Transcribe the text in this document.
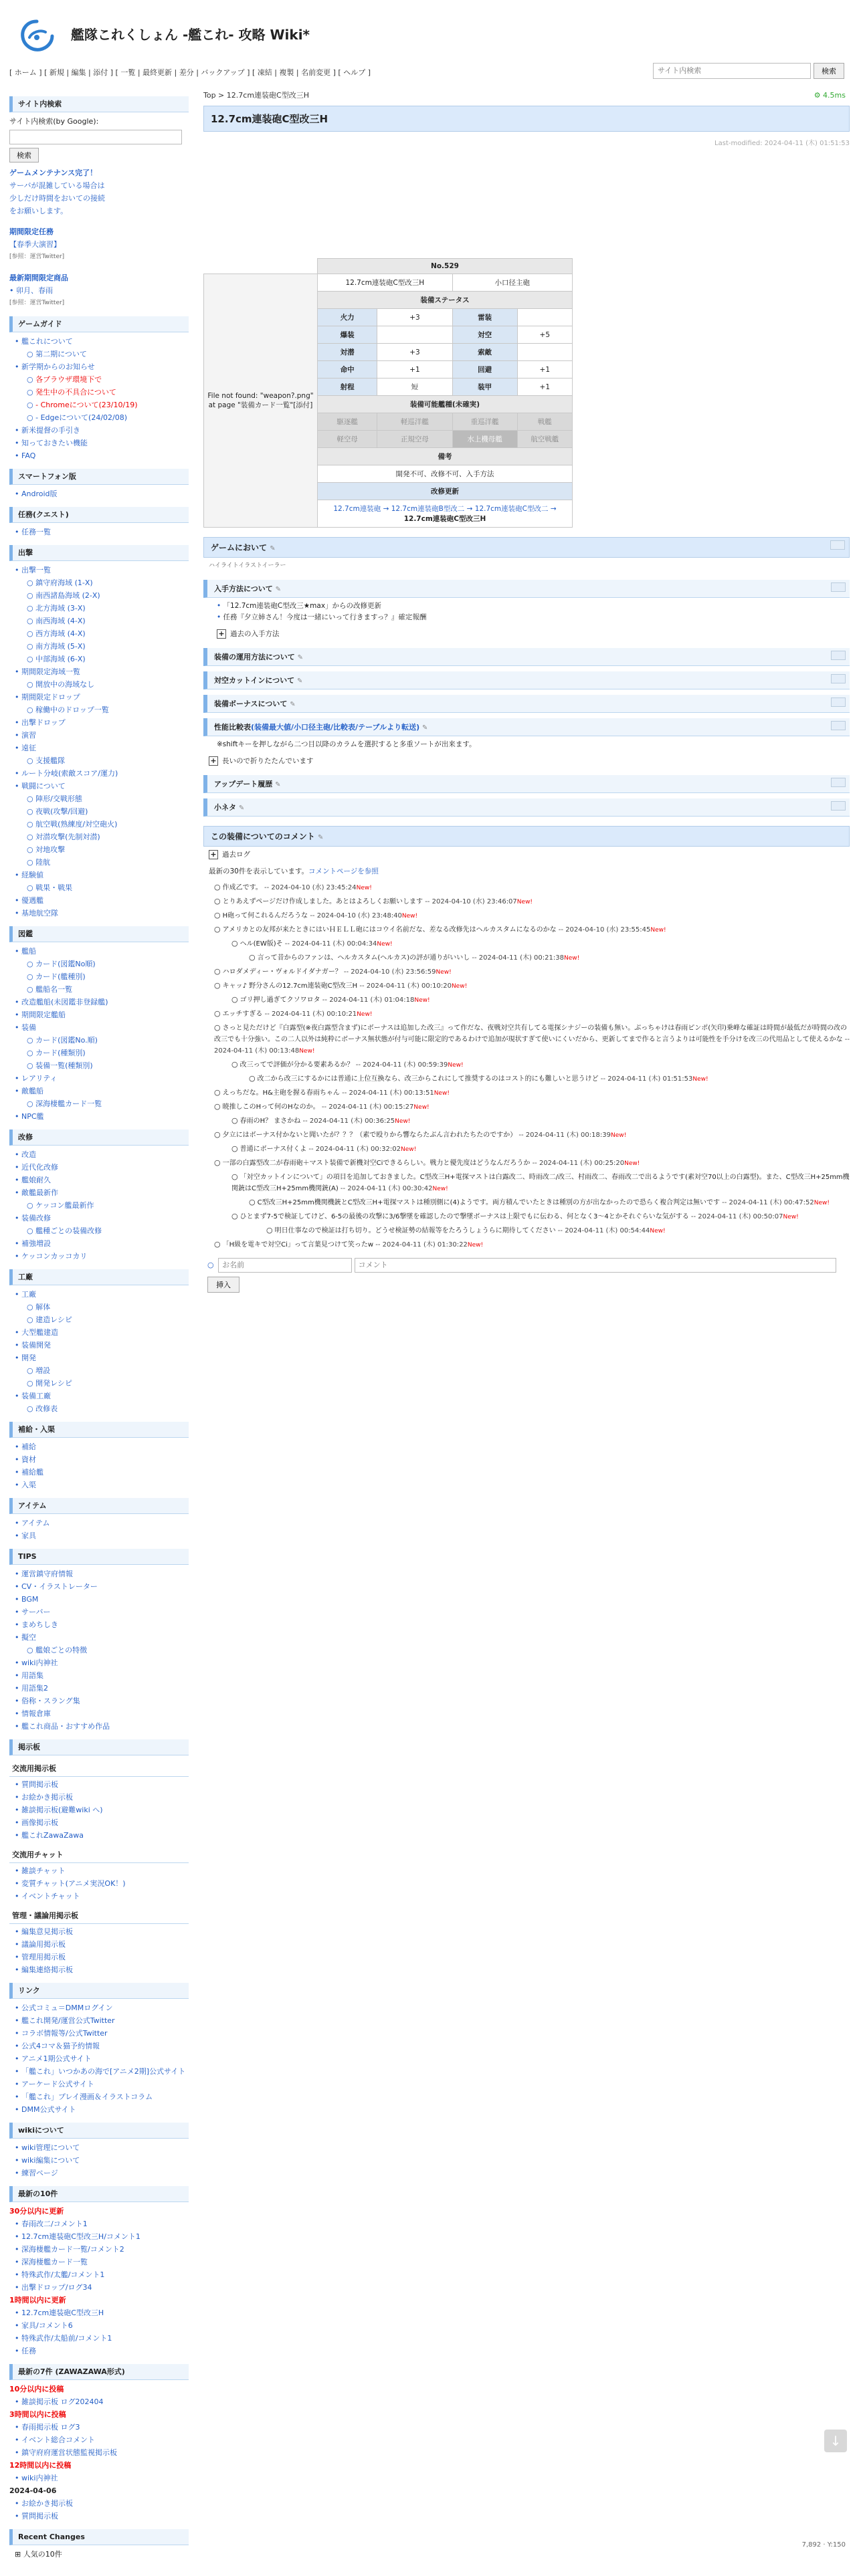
艦隊これくしょん -艦これ- 攻略 Wiki*
[ ホーム ] [ 新規 | 編集 | 添付 ] [ 一覧 | 最終更新 | 差分 | バックアップ ] [ 凍結 | 複製 | 名前変更 ] [ ヘルプ ]
サイト内検索	検索
サイト内検索
サイト内検索(by Google):
検索
ゲームメンテナンス完了！
サーバが混雑している場合は少しだけ時間をおいての接続をお願いします。
期間限定任務
【春季大演習】
[参照：運営Twitter]
最新期間限定商品
• 卯月、春雨
[参照：運営Twitter]
ゲームガイド
• 艦これについて
○ 第二期について
• 新学期からのお知らせ
○ 各ブラウザ環境下で
○ 発生中の不具合について
○ - Chromeについて(23/10/19)
○ - Edgeについて(24/02/08)
• 新米提督の手引き
• 知っておきたい機能
• FAQ
スマートフォン版
• Android版
任務(クエスト)
• 任務一覧
出撃
• 出撃一覧
○ 鎮守府海域 (1-X)
○ 南西諸島海域 (2-X)
○ 北方海域 (3-X)
○ 南西海域 (4-X)
○ 西方海域 (4-X)
○ 南方海域 (5-X)
○ 中部海域 (6-X)
• 期間限定海域一覧
○ 開放中の海域なし
• 期間限定ドロップ
○ 稼働中のドロップ一覧
• 出撃ドロップ
• 演習
• 遠征
○ 支援艦隊
• ルート分岐(索敵スコア/運力)
• 戦闘について
○ 陣形/交戦形態
○ 夜戦(攻撃/回避)
○ 航空戦(熟練度/対空砲火)
○ 対潜攻撃(先制対潜)
○ 対地攻撃
○ 陸航
• 経験値
○ 戦果・戦果
• 優遇艦
• 基地航空隊
図鑑
• 艦船
○ カード(図鑑No順)
○ カード(艦種別)
○ 艦船名一覧
• 改造艦船(未図鑑非登録艦)
• 期間限定艦船
• 装備
○ カード(図鑑No.順)
○ カード(種類別)
○ 装備一覧(種類別)
• レアリティ
• 敵艦船
○ 深海棲艦カード一覧
• NPC艦
改修
• 改造
• 近代化改修
• 艦娘耐久
• 敵艦最新作
○ ケッコン艦最新作
• 装備改修
○ 艦種ごとの装備改修
• 補強増設
• ケッコンカッコカリ
工廠
• 工廠
○ 解体
○ 建造レシピ
• 大型艦建造
• 装備開発
• 開発
○ 増設
○ 開発レシピ
• 装備工廠
○ 改修表
補給・入渠
• 補給
• 資材
• 補給艦
• 入渠
アイテム
• アイテム
• 家具
TIPS
• 運営鎮守府情報
• CV・イラストレーター
• BGM
• サーバー
• まめちしき
• 擬空
○ 艦娘ごとの特徴
• wiki内神社
• 用語集
• 用語集2
• 俗称・スラング集
• 情報倉庫
• 艦これ商品・おすすめ作品
掲示板
交流用掲示板
• 質問掲示板
• お絵かき掲示板
• 雑談掲示板(避難wiki へ)
• 画像掲示板
• 艦これZawaZawa
交流用チャット
• 雑談チャット
• 変質チャット(アニメ実況OK！)
• イベントチャット
管理・議論用掲示板
• 編集意見掲示板
• 議論用掲示板
• 管理用掲示板
• 編集連絡掲示板
リンク
• 公式コミュ＝DMMログイン
• 艦これ開発/運営公式Twitter
• コラボ情報等/公式Twitter
• 公式4コマ＆猫予約情報
• アニメ1期公式サイト
• 「艦これ」いつかあの海で[アニメ2期]公式サイト
• アーケード公式サイト
• 「艦これ」プレイ漫画＆イラストコラム
• DMM公式サイト
wikiについて
• wiki管理について
• wiki編集について
• 練習ページ
最新の10件
30分以内に更新
• 春雨改二/コメント1
• 12.7cm連装砲C型改三H/コメント1
• 深海棲艦カード一覧/コメント2
• 深海棲艦カード一覧
• 特殊武作/太艦/コメント1
• 出撃ドロップ/ログ34
1時間以内に更新
• 12.7cm連装砲C型改三H
• 家具/コメント6
• 特殊武作/太船前/コメント1
• 任務
最新の7件 (ZAWAZAWA形式)
10分以内に投稿
• 雑談掲示板 ログ202404
3時間以内に投稿
• 春雨掲示板 ログ3
• イベント総合コメント
• 鎮守府府運営状態監視掲示板
12時間以内に投稿
• wiki内神社
2024-04-06
• お絵かき掲示板
• 質問掲示板
Recent Changes
⊞ 人気の10件
Top > 12.7cm連装砲C型改三H	⚙ 4.5ms
12.7cm連装砲C型改三H
Last-modified: 2024-04-11 (木) 01:51:53
	No.529			
File not found: "weapon?.png" at page "装備カード一覧"[添付]	12.7cm連装砲C型改三H		小口径主砲	
	装備ステータス			
	火力	+3	雷装	
	爆装		対空	+5
	対潜	+3	索敵	
	命中	+1	回避	+1
	射程	短	装甲	+1
	装備可能艦種(未確実)			
	駆逐艦	軽巡洋艦	重巡洋艦	戦艦
	軽空母	正規空母	水上機母艦	航空戦艦
	備考			
	開発不可、改修不可、入手方法			
	改修更新			
	12.7cm連装砲 → 12.7cm連装砲B型改二 → 12.7cm連装砲C型改二 → 12.7cm連装砲C型改三H			
ゲームにおいて ✎
ハイライトイラストイーラー
入手方法について ✎
• 「12.7cm連装砲C型改三★max」からの改修更新
• 任務『夕立姉さん！今度は一緒にいって行きますっ？』確定報酬
+ 過去の入手方法
装備の運用方法について ✎
対空カットインについて ✎
装備ボーナスについて ✎
性能比較表(装備最大値/小口径主砲/比較表/テーブルより転送) ✎
※shiftキーを押しながら二つ目以降のカラムを選択すると多重ソートが出来ます。
+ 長いので折りたたんでいます
アップデート履歴 ✎
小ネタ ✎
この装備についてのコメント ✎
+ 過去ログ
最新の30件を表示しています。コメントページを参照
○ 作成乙です。 -- 2024-04-10 (水) 23:45:24New!
○ とりあえずページだけ作成しました。あとはよろしくお願いします -- 2024-04-10 (水) 23:46:07New!
○ H砲って何これるんだろうな -- 2024-04-10 (水) 23:48:40New!
○ アメリカとの友邦が来たときにはいＨＥＬＬ砲にはコウイ名前だな、差なる改修先はヘルカスタムになるのかな -- 2024-04-10 (水) 23:55:45New!
○ ヘル(EW版)そ -- 2024-04-11 (木) 00:04:34New!
○ 言って昔からのファンは、ヘルカスタム(ヘルカス)の評が通りがいいし -- 2024-04-11 (木) 00:21:38New!
○ ハロダメディー・ヴォルドイダナガー？ -- 2024-04-10 (水) 23:56:59New!
○ キャッ♪ 野分さんの12.7cm連装砲C型改三H -- 2024-04-11 (木) 00:10:20New!
○ ゴリ押し過ぎてクソワロタ -- 2024-04-11 (木) 01:04:18New!
○ エッチすぎる -- 2024-04-11 (木) 00:10:21New!
○ さっと見ただけど『白露型(※夜白露型含まず)にボーナスは追加した改三』って作だな、夜戦対空共有してる電探シナジーの装備も無い。ぶっちゃけは春雨ピンポ(矢印)乗峰な確証は時間が最低だが時間の改の改三でも十分強い。この二人以外は純粋にボーナス無状態が付与可能に限定的であるわけで追加が現状すぎて使いにくいだから、更新してまで作ると言うよりは可能性を手分けを改三の代用品として使えるかな -- 2024-04-11 (木) 00:13:48New!
○ 改三ってで評価が分かる要素あるか？ -- 2024-04-11 (木) 00:59:39New!
○ 改二から改三にするかには普通に上位互換なら、改三からこれにして推奨するのはコスト的にも難しいと思うけど -- 2024-04-11 (木) 01:51:53New!
○ えっちだな。H&主砲を握る春雨ちゃん -- 2024-04-11 (木) 00:13:51New!
○ 暁推しこのHって何のHなのか。 -- 2024-04-11 (木) 00:15:27New!
○ 春雨のH？ まさかね -- 2024-04-11 (木) 00:36:25New!
○ 夕立にはボーナス付かないと聞いたが？？？（素で殴りから響ならたぶん言われたちたのですか） -- 2024-04-11 (木) 00:18:39New!
○ 普通にボーナス付くよ -- 2024-04-11 (木) 00:32:02New!
○ 一部の白露型改二が春雨砲＋マスト装備で新機対空Ciできるらしい。戦力と優先度はどうなんだろうか -- 2024-04-11 (木) 00:25:20New!
○ 「対空カットインについて」の項目を追加しておきました。C型改三H+電探マストは白露改二、時雨改二/改三、村雨改二、春雨改二で出るようです(素対空70以上の白露型)。また、C型改三H+25mm機関銃はC型改三H+25mm機関銃(A) -- 2024-04-11 (木) 00:30:42New!
○ C型改三H+25mm機関機銃とC型改三H+電探マストは種別側に(4)ようです。両方積んでいたときは種別の方が出なかったので恐らく複合判定は無いです -- 2024-04-11 (木) 00:47:52New!
○ ひとまず7-5で検証してけど、6-5の最後の攻撃に3/6撃墜を確認したので撃墜ボーナスは上限でもに伝わる、何となく3〜4とかそれぐらいな気がする -- 2024-04-11 (木) 00:50:07New!
○ 明日仕事なので検証は打ち切り。どうせ検証勢の結報等をたろうしょうらに期待してください -- 2024-04-11 (木) 00:54:44New!
○ 「H級を電キで対空Ci」って言葉見つけて笑ったw -- 2024-04-11 (木) 01:30:22New!
○ お名前 コメント
挿入
↓
7,892 · Y:150
